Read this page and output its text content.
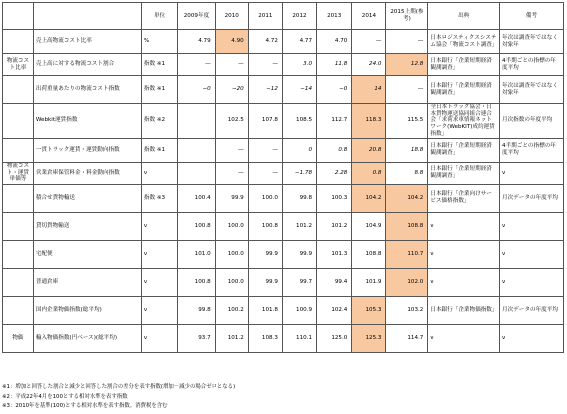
		単位	2009年度	2010	2011	2012	2013	2014	2015上期(参考)	出典	備考
	売上高物流コスト比率	%	4.79	4.90	4.72	4.77	4.70	—	—	日本ロジスティクスシステム協会「物流コスト調査」	年次は調査年ではなく対象年
物流コスト比率	売上高に対する物流コスト割合	指数 ※1	—	—	—	3.0	11.8	24.0	12.8	日本銀行「企業短期経済観測調査」	4半期ごとの指標の年度平均
	出荷重量あたりの物流コスト指数	指数 ※1	−0	−20	−12	−14	−0	14	—	日本銀行「企業短期経済観測調査」	年次は調査年ではなく対象年
	Webkit運賃指数	指数 ※2		102.5	107.8	108.5	112.7	118.3	115.5	全日本トラック協会・日本貨物運送協同組合連合会「求荷求車情報ネットワーク(WebKIT)成約運賃指数」	月次指数の年度平均
	一貫トラック運賃・運賃動向指数	指数 ※1		—	—	0	0.8	20.8	18.8	日本銀行「企業短期経済観測調査」	4半期ごとの指標の年度平均
物流コスト・運賃単価等	営業倉庫保管料金・料金動向指数	ν		—	—	−1.78	2.28	0.8	8.8	日本銀行「企業短期経済観測調査」	ν
	積合せ貨物輸送	指数 ※3	100.4	99.9	100.0	99.8	100.3	104.2	104.2	日本銀行「企業向けサービス価格指数」	月次データの年度平均
	貸切貨物輸送	ν	100.8	100.0	100.8	101.2	101.2	104.9	108.8	ν	ν
	宅配便	ν	101.0	100.0	99.9	99.9	101.3	108.8	110.7	ν	ν
	普通倉庫	ν	100.8	100.0	99.9	99.7	99.4	101.9	102.0	ν	ν
	国内企業物価指数(総平均)	ν	99.8	100.2	101.8	100.9	102.4	105.3	103.2	日本銀行「企業物価指数」	月次データの年度平均
物価	輸入物価指数(円ベース)(総平均)	ν	93.7	101.2	108.3	110.1	125.0	125.3	114.7	ν	ν
※1：増加と回答した割合と減少と回答した割合の差分を表す指数(増加－減少の場合ゼロとなる)
※2：平成22年4月を100とする相対水準を表す指数
※3：2010年を基準(100)とする相対水準を表す指数。消費税を含む
